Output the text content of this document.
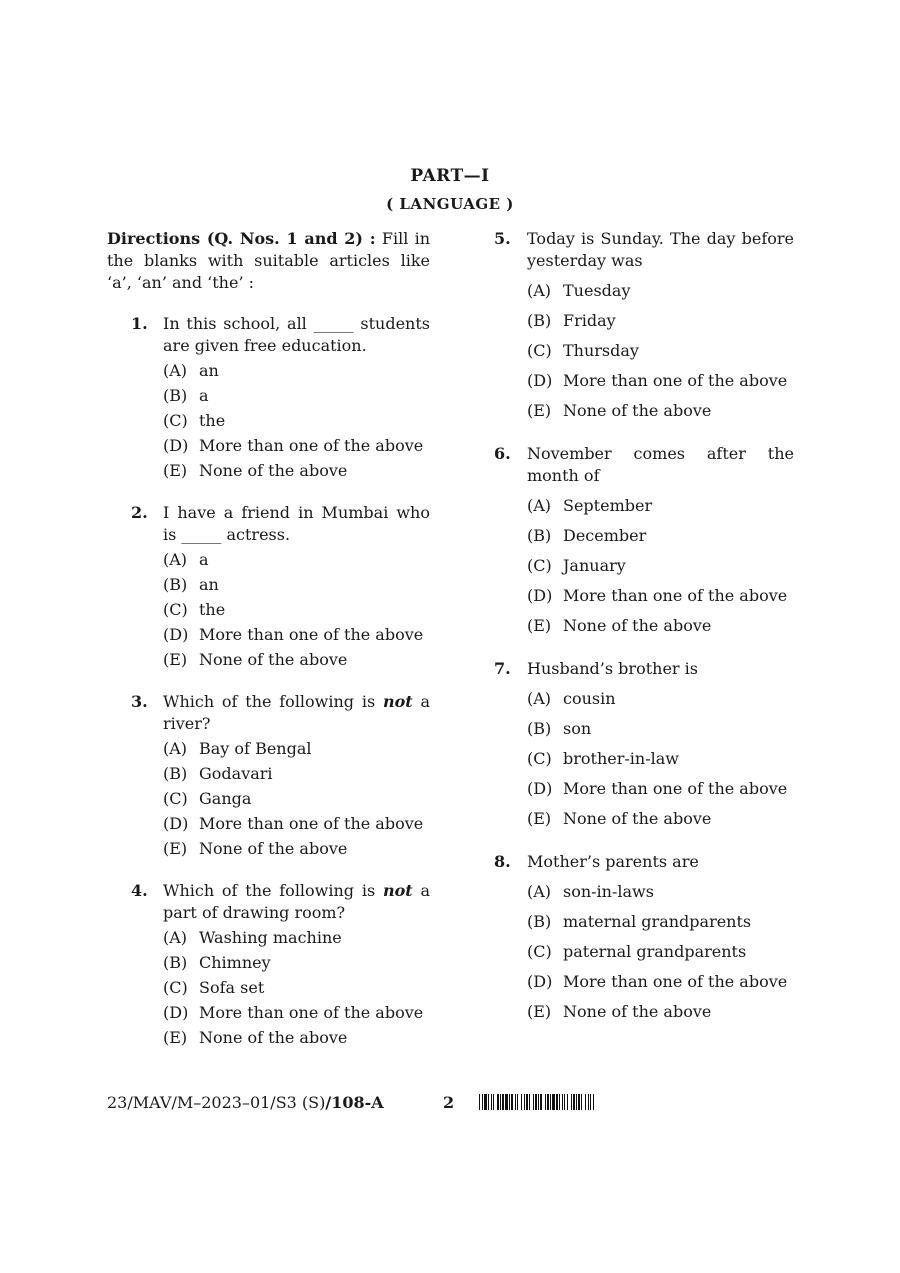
PART—I
( LANGUAGE )
Directions (Q. Nos. 1 and 2) : Fill in the blanks with suitable articles like ‘a’, ‘an’ and ‘the’ :
1. In this school, all _____ students are given free education.
(A) an
(B) a
(C) the
(D) More than one of the above
(E) None of the above
2. I have a friend in Mumbai who is _____ actress.
(A) a
(B) an
(C) the
(D) More than one of the above
(E) None of the above
3. Which of the following is not a river?
(A) Bay of Bengal
(B) Godavari
(C) Ganga
(D) More than one of the above
(E) None of the above
4. Which of the following is not a part of drawing room?
(A) Washing machine
(B) Chimney
(C) Sofa set
(D) More than one of the above
(E) None of the above
5. Today is Sunday. The day before yesterday was
(A) Tuesday
(B) Friday
(C) Thursday
(D) More than one of the above
(E) None of the above
6. November comes after the month of
(A) September
(B) December
(C) January
(D) More than one of the above
(E) None of the above
7. Husband’s brother is
(A) cousin
(B) son
(C) brother-in-law
(D) More than one of the above
(E) None of the above
8. Mother’s parents are
(A) son-in-laws
(B) maternal grandparents
(C) paternal grandparents
(D) More than one of the above
(E) None of the above
23/MAV/M–2023–01/S3 (S)/108-A	2
